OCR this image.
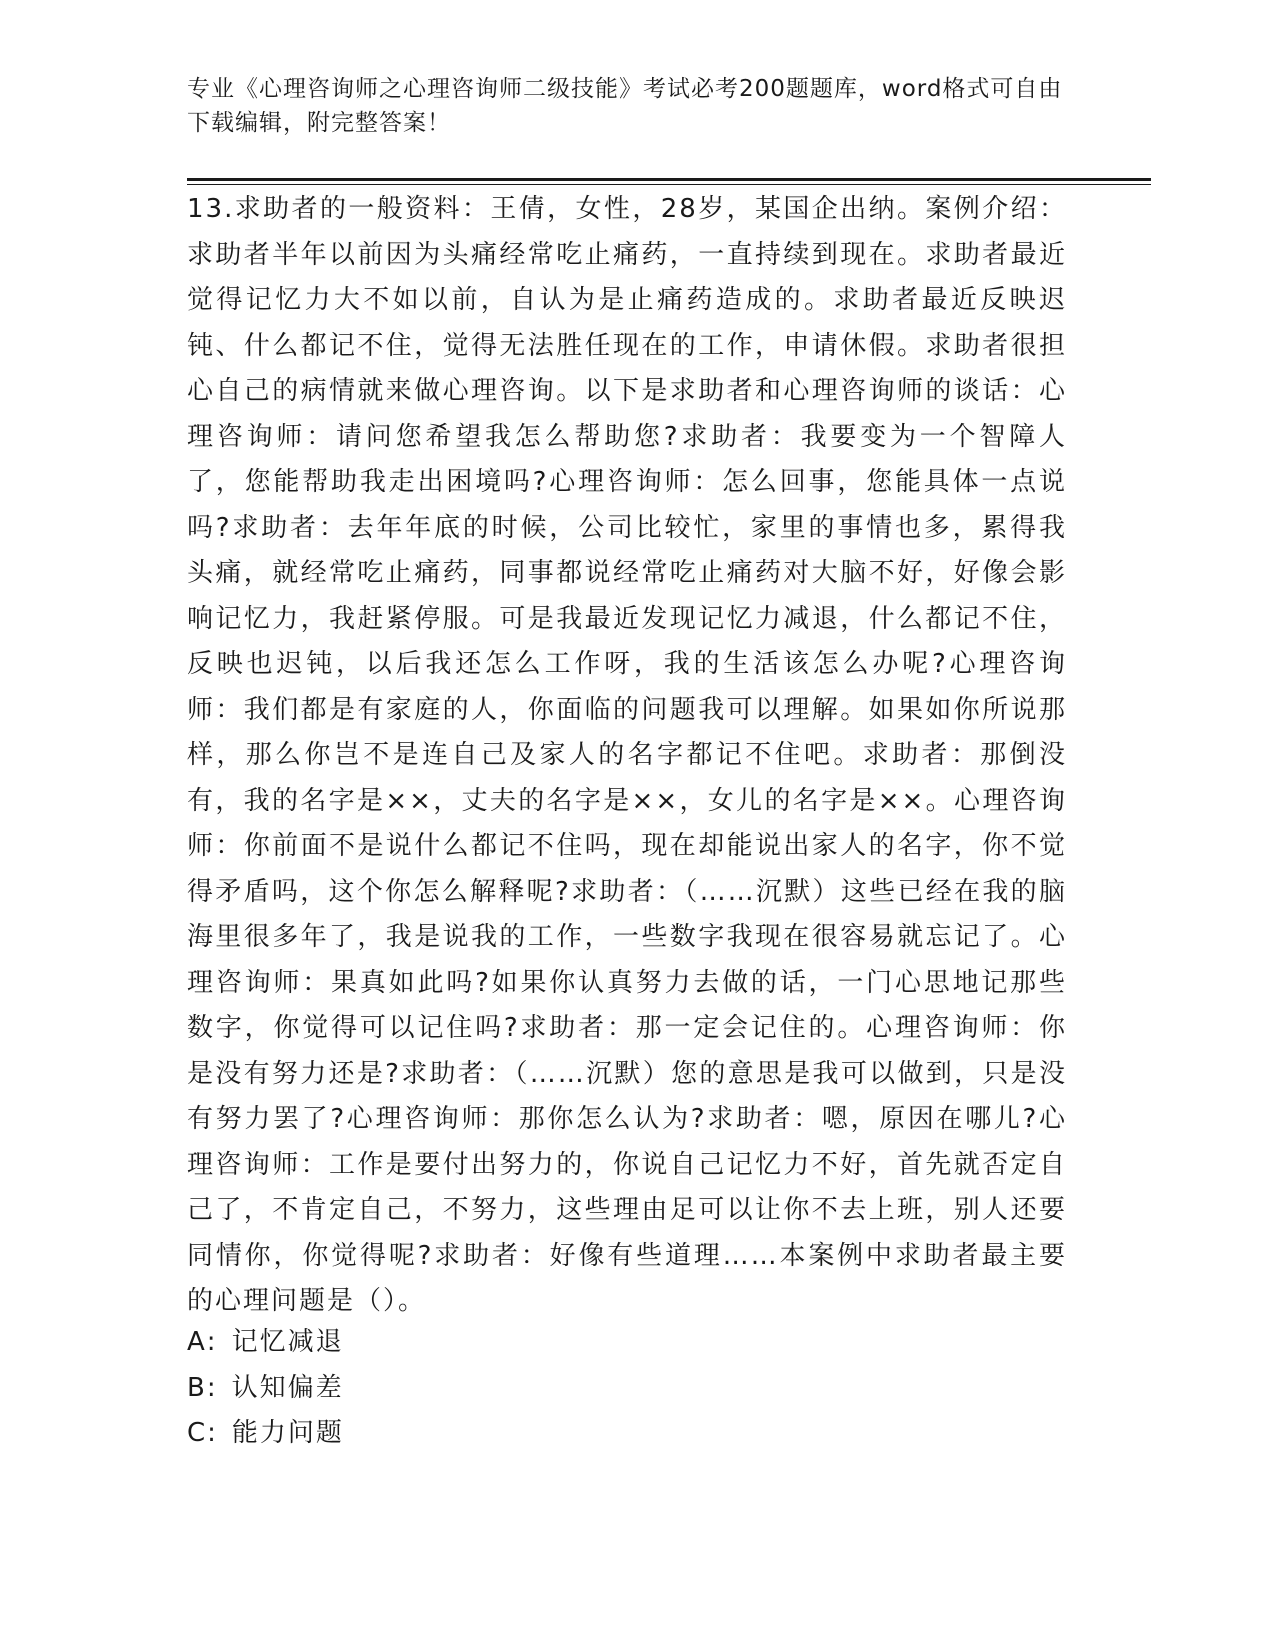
专业《心理咨询师之心理咨询师二级技能》考试必考200题题库，word格式可自由下载编辑，附完整答案！
13.求助者的一般资料：王倩，女性，28岁，某国企出纳。案例介绍：求助者半年以前因为头痛经常吃止痛药，一直持续到现在。求助者最近觉得记忆力大不如以前，自认为是止痛药造成的。求助者最近反映迟钝、什么都记不住，觉得无法胜任现在的工作，申请休假。求助者很担心自己的病情就来做心理咨询。以下是求助者和心理咨询师的谈话：心理咨询师：请问您希望我怎么帮助您?求助者：我要变为一个智障人了，您能帮助我走出困境吗?心理咨询师：怎么回事，您能具体一点说吗?求助者：去年年底的时候，公司比较忙，家里的事情也多，累得我头痛，就经常吃止痛药，同事都说经常吃止痛药对大脑不好，好像会影响记忆力，我赶紧停服。可是我最近发现记忆力减退，什么都记不住，反映也迟钝，以后我还怎么工作呀，我的生活该怎么办呢?心理咨询师：我们都是有家庭的人，你面临的问题我可以理解。如果如你所说那样，那么你岂不是连自己及家人的名字都记不住吧。求助者：那倒没有，我的名字是××，丈夫的名字是××，女儿的名字是××。心理咨询师：你前面不是说什么都记不住吗，现在却能说出家人的名字，你不觉得矛盾吗，这个你怎么解释呢?求助者：（……沉默）这些已经在我的脑海里很多年了，我是说我的工作，一些数字我现在很容易就忘记了。心理咨询师：果真如此吗?如果你认真努力去做的话，一门心思地记那些数字，你觉得可以记住吗?求助者：那一定会记住的。心理咨询师：你是没有努力还是?求助者：（……沉默）您的意思是我可以做到，只是没有努力罢了?心理咨询师：那你怎么认为?求助者：嗯，原因在哪儿?心理咨询师：工作是要付出努力的，你说自己记忆力不好，首先就否定自己了，不肯定自己，不努力，这些理由足可以让你不去上班，别人还要同情你，你觉得呢?求助者：好像有些道理……本案例中求助者最主要的心理问题是（）。
A: 记忆减退
B: 认知偏差
C: 能力问题
